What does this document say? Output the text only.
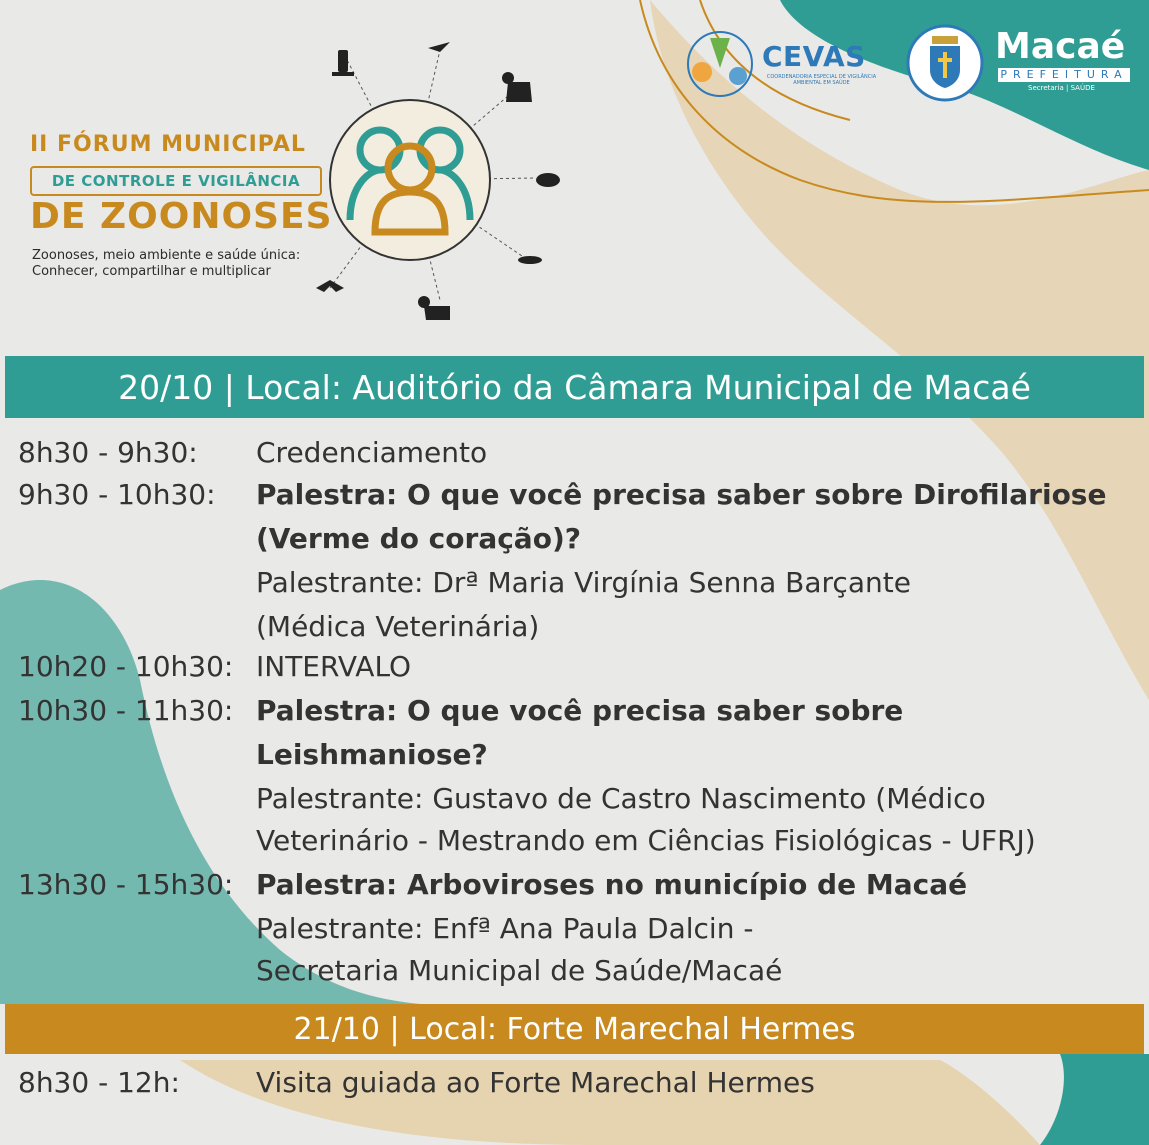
II FÓRUM MUNICIPAL
DE CONTROLE E VIGILÂNCIA
DE ZOONOSES
Zoonoses, meio ambiente e saúde única:
Conhecer, compartilhar e multiplicar
CEVAS
COORDENADORIA ESPECIAL DE VIGILÂNCIA AMBIENTAL EM SAÚDE
Macaé
PREFEITURA
Secretaria | SAÚDE
20/10 | Local: Auditório da Câmara Municipal de Macaé
8h30 - 9h30: Credenciamento
9h30 - 10h30: Palestra: O que você precisa saber sobre Dirofilariose
(Verme do coração)?
Palestrante: Drª Maria Virgínia Senna Barçante
(Médica Veterinária)
10h20 - 10h30: INTERVALO
10h30 - 11h30: Palestra: O que você precisa saber sobre
Leishmaniose?
Palestrante: Gustavo de Castro Nascimento (Médico
Veterinário - Mestrando em Ciências Fisiológicas - UFRJ)
13h30 - 15h30: Palestra: Arboviroses no município de Macaé
Palestrante: Enfª Ana Paula Dalcin -
Secretaria Municipal de Saúde/Macaé
21/10 | Local: Forte Marechal Hermes
8h30 - 12h:	Visita guiada ao Forte Marechal Hermes
